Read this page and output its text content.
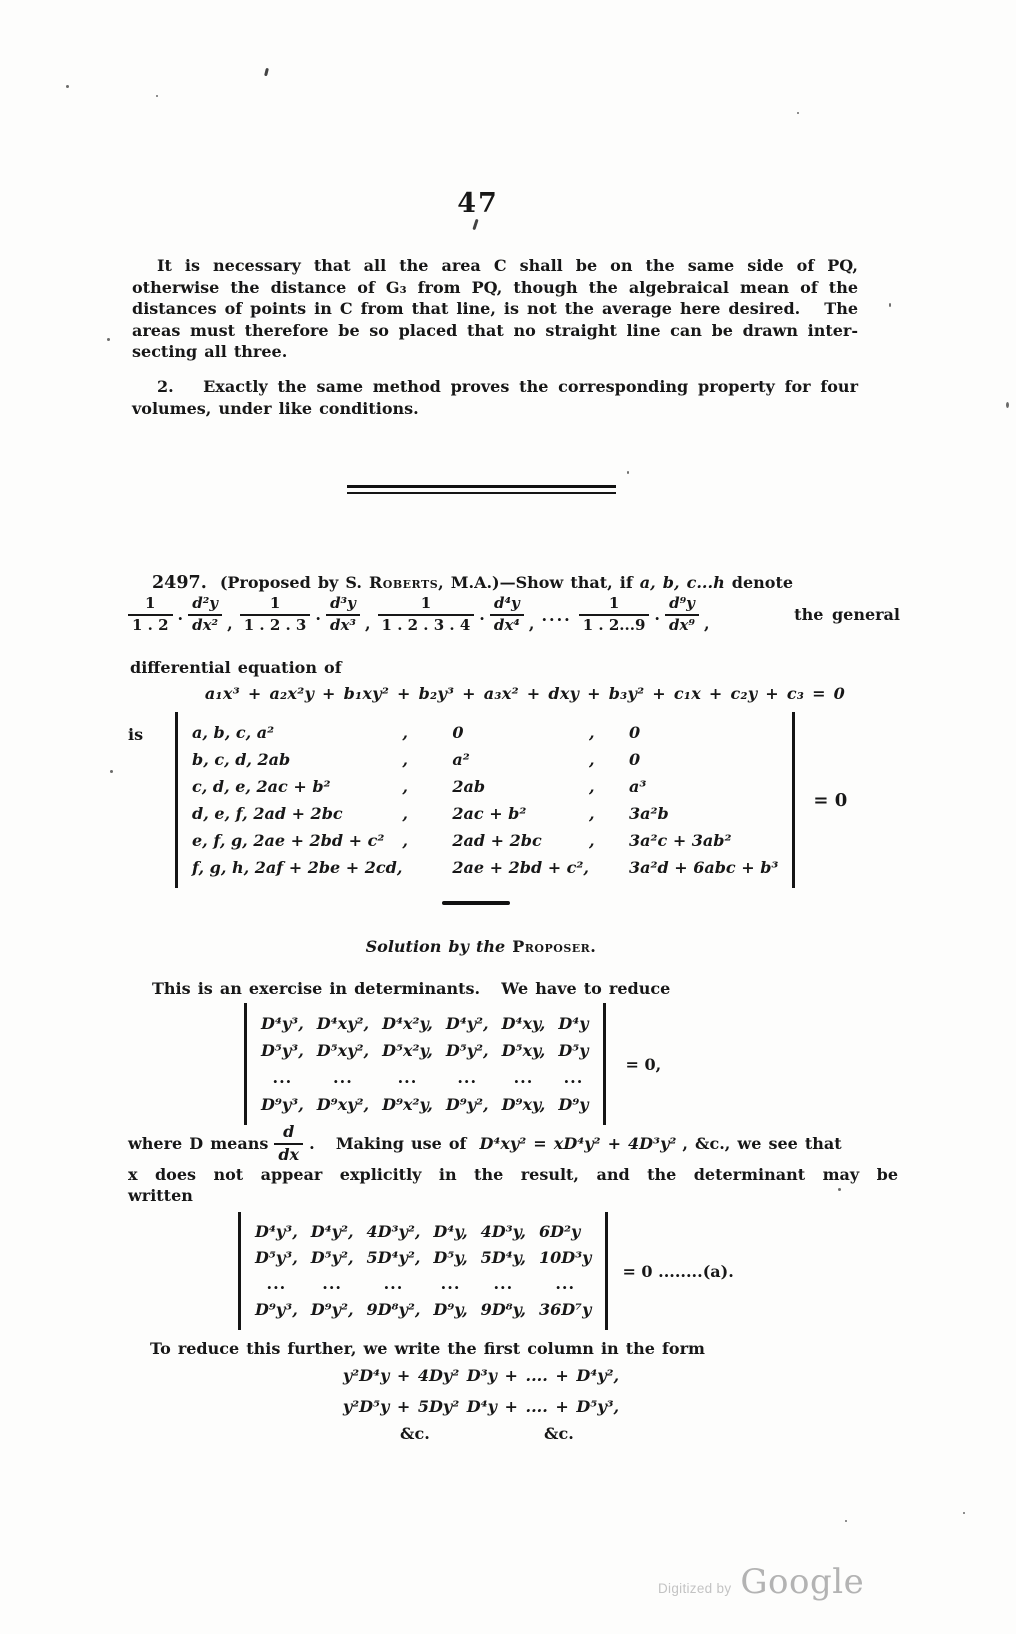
47
It is necessary that all the area C shall be on the same side of PQ,
otherwise the distance of G₃ from PQ, though the algebraical mean of the
distances of points in C from that line, is not the average here desired.   The
areas must therefore be so placed that no straight line can be drawn inter-
secting all three.
2.   Exactly the same method proves the corresponding property for four
volumes, under like conditions.
2497. (Proposed by S. Roberts, M.A.)—Show that, if a, b, c...h denote
$\frac{1}{1 . 2} \cdot \frac{\text{d²y}}{\text{dx²}}$ , $\frac{1}{1 . 2 . 3} \cdot \frac{\text{d³y}}{\text{dx³}}$ , $\frac{1}{1 . 2 . 3 . 4} \cdot \frac{\text{d⁴y}}{\text{dx⁴}}$ , .... $\frac{1}{1 . 2...9} \cdot \frac{\text{d⁹y}}{\text{dx⁹}}$ ,	the general
differential equation of
a₁x³ + a₂x²y + b₁xy² + b₂y³ + a₃x² + dxy + b₃y² + c₁x + c₂y + c₃ = 0
is	a, b, c, a²	,	0	,	0
b, c, d, 2ab	,	a²	,	0
c, d, e, 2ac + b²	,	2ab	,	a³
d, e, f, 2ad + 2bc	,	2ac + b²	,	3a²b
e, f, g, 2ae + 2bd + c²	,	2ad + 2bc	,	3a²c + 3ab²
f, g, h, 2af + 2be + 2cd,		2ae + 2bd + c²,		3a²d + 6abc + b³
= 0
Solution by the Proposer.
This is an exercise in determinants.   We have to reduce
D⁴y³,	D⁴xy²,	D⁴x²y,	D⁴y²,	D⁴xy,	D⁴y
D⁵y³,	D⁵xy²,	D⁵x²y,	D⁵y²,	D⁵xy,	D⁵y
...	...	...	...	...	...
D⁹y³,	D⁹xy²,	D⁹x²y,	D⁹y²,	D⁹xy,	D⁹y
= 0,
where D means $\frac{d}{dx}$ .   Making use of D⁴xy² = xD⁴y² + 4D³y² , &c., we see that
x does not appear explicitly in the result, and the determinant may be
written
D⁴y³,	D⁴y²,	4D³y²,	D⁴y,	4D³y,	6D²y
D⁵y³,	D⁵y²,	5D⁴y²,	D⁵y,	5D⁴y,	10D³y
...	...	...	...	...	...
D⁹y³,	D⁹y²,	9D⁸y²,	D⁹y,	9D⁸y,	36D⁷y
= 0 ........(a).
To reduce this further, we write the first column in the form
y²D⁴y + 4Dy² D³y + .... + D⁴y²,
y²D⁵y + 5Dy² D⁴y + .... + D⁵y³,
&c.	&c.
Digitized by Google
